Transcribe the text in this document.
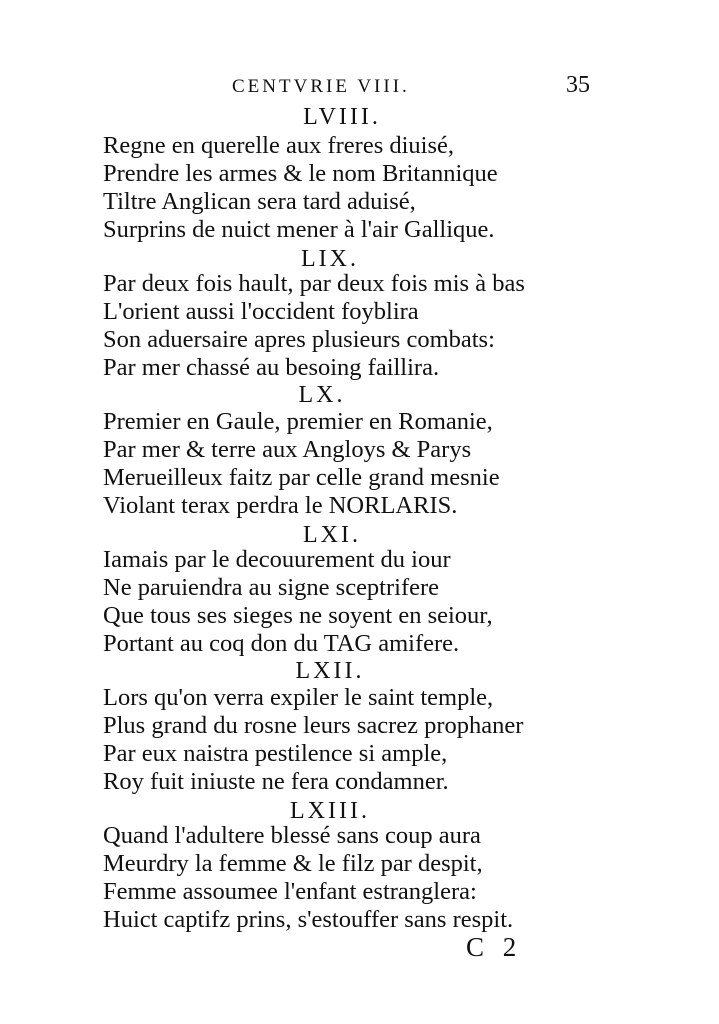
CENTVRIE VIII.	35
LVIII.
Regne en querelle aux freres diuisé,
Prendre les armes & le nom Britannique
Tiltre Anglican sera tard aduisé,
Surprins de nuict mener à l'air Gallique.
LIX.
Par deux fois hault, par deux fois mis à bas
L'orient aussi l'occident foyblira
Son aduersaire apres plusieurs combats:
Par mer chassé au besoing faillira.
LX.
Premier en Gaule, premier en Romanie,
Par mer & terre aux Angloys & Parys
Merueilleux faitz par celle grand mesnie
Violant terax perdra le NORLARIS.
LXI.
Iamais par le decouurement du iour
Ne paruiendra au signe sceptrifere
Que tous ses sieges ne soyent en seiour,
Portant au coq don du TAG amifere.
LXII.
Lors qu'on verra expiler le saint temple,
Plus grand du rosne leurs sacrez prophaner
Par eux naistra pestilence si ample,
Roy fuit iniuste ne fera condamner.
LXIII.
Quand l'adultere blessé sans coup aura
Meurdry la femme & le filz par despit,
Femme assoumee l'enfant estranglera:
Huict captifz prins, s'estouffer sans respit.
C 2
